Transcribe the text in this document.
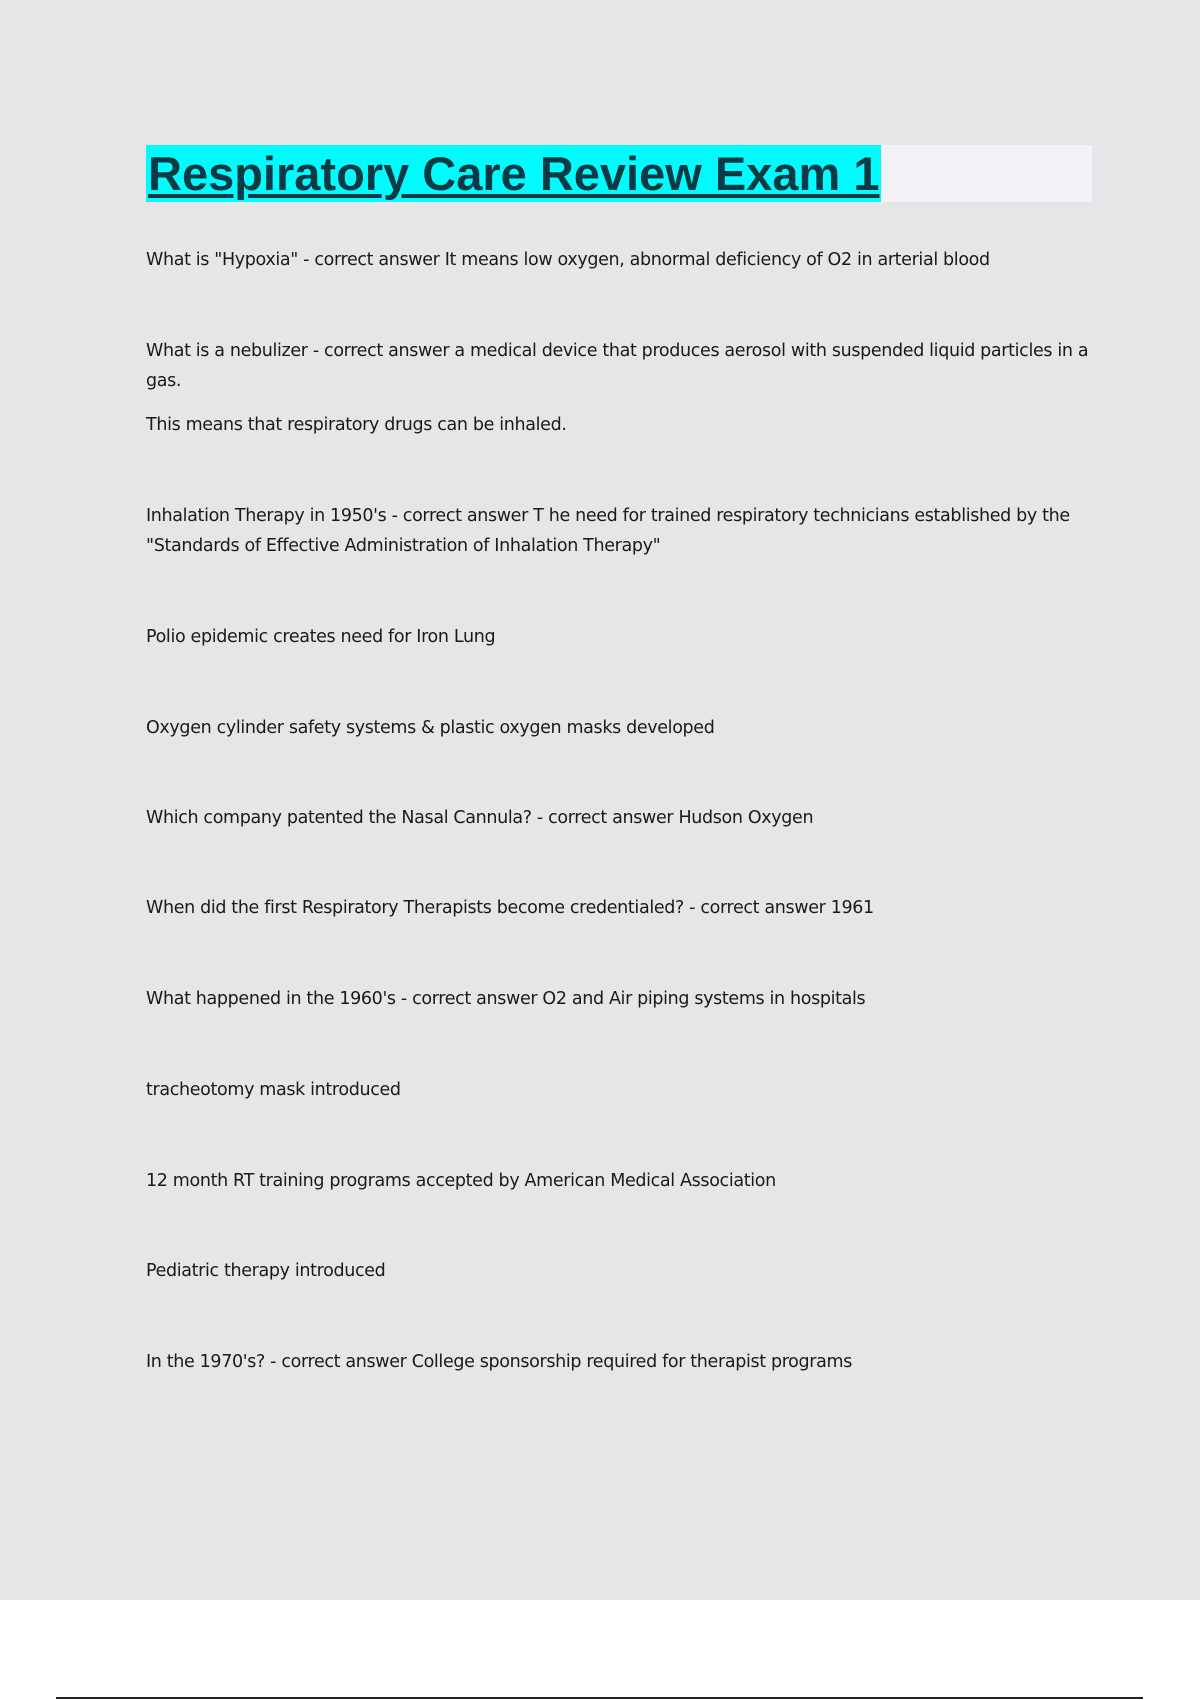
Respiratory Care Review Exam 1

What is "Hypoxia" - correct answer It means low oxygen, abnormal deficiency of O2 in arterial blood

What is a nebulizer - correct answer a medical device that produces aerosol with suspended liquid particles in a gas.

This means that respiratory drugs can be inhaled.

Inhalation Therapy in 1950's - correct answer T he need for trained respiratory technicians established by the "Standards of Effective Administration of Inhalation Therapy"

Polio epidemic creates need for Iron Lung

Oxygen cylinder safety systems & plastic oxygen masks developed

Which company patented the Nasal Cannula? - correct answer Hudson Oxygen

When did the first Respiratory Therapists become credentialed? - correct answer 1961

What happened in the 1960's - correct answer O2 and Air piping systems in hospitals

tracheotomy mask introduced

12 month RT training programs accepted by American Medical Association

Pediatric therapy introduced

In the 1970's? - correct answer College sponsorship required for therapist programs
